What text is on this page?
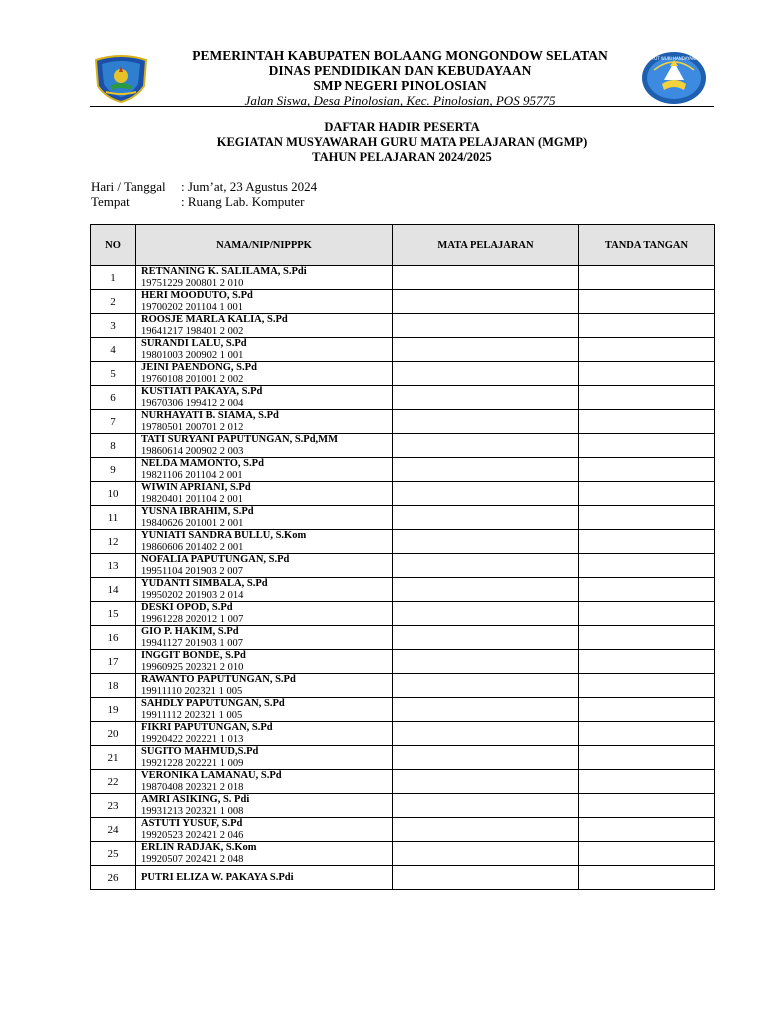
PEMERINTAH KABUPATEN BOLAANG MONGONDOW SELATAN
DINAS PENDIDIKAN DAN KEBUDAYAAN
SMP NEGERI PINOLOSIAN
Jalan Siswa, Desa Pinolosian, Kec. Pinolosian, POS 95775
TUT WURI HANDAYANI
DAFTAR HADIR PESERTA
KEGIATAN MUSYAWARAH GURU MATA PELAJARAN (MGMP)
TAHUN PELAJARAN 2024/2025
Hari / Tanggal	: Jum’at, 23 Agustus 2024
Tempat	: Ruang Lab. Komputer
NO	NAMA/NIP/NIPPPK	MATA PELAJARAN	TANDA TANGAN
1	RETNANING K. SALILAMA, S.Pdi
19751229 200801 2 010		

2	HERI MOODUTO, S.Pd
19700202 201104 1 001		

3	ROOSJE MARLA KALIA, S.Pd
19641217 198401 2 002		

4	SURANDI LALU, S.Pd
19801003 200902 1 001		

5	JEINI PAENDONG, S.Pd
19760108 201001 2 002		

6	KUSTIATI PAKAYA, S.Pd
19670306 199412 2 004		

7	NURHAYATI B. SIAMA, S.Pd
19780501 200701 2 012		

8	TATI SURYANI PAPUTUNGAN, S.Pd,MM
19860614 200902 2 003		

9	NELDA MAMONTO, S.Pd
19821106 201104 2 001		

10	WIWIN APRIANI, S.Pd
19820401 201104 2 001		

11	YUSNA IBRAHIM, S.Pd
19840626 201001 2 001		

12	YUNIATI SANDRA BULLU, S.Kom
19860606 201402 2 001		

13	NOFALIA PAPUTUNGAN, S.Pd
19951104 201903 2 007		

14	YUDANTI SIMBALA, S.Pd
19950202 201903 2 014		

15	DESKI OPOD, S.Pd
19961228 202012 1 007		

16	GIO P. HAKIM, S.Pd
19941127 201903 1 007		

17	INGGIT BONDE, S.Pd
19960925 202321 2 010		

18	RAWANTO PAPUTUNGAN, S.Pd
19911110 202321 1 005		

19	SAHDLY PAPUTUNGAN, S.Pd
19911112 202321 1 005		

20	FIKRI PAPUTUNGAN, S.Pd
19920422 202221 1 013		

21	SUGITO MAHMUD,S.Pd
19921228 202221 1 009		

22	VERONIKA LAMANAU, S.Pd
19870408 202321 2 018		

23	AMRI ASIKING, S. Pdi
19931213 202321 1 008		

24	ASTUTI YUSUF, S.Pd
19920523 202421 2 046		

25	ERLIN RADJAK, S.Kom
19920507 202421 2 048		

26	PUTRI ELIZA W. PAKAYA S.Pdi		
